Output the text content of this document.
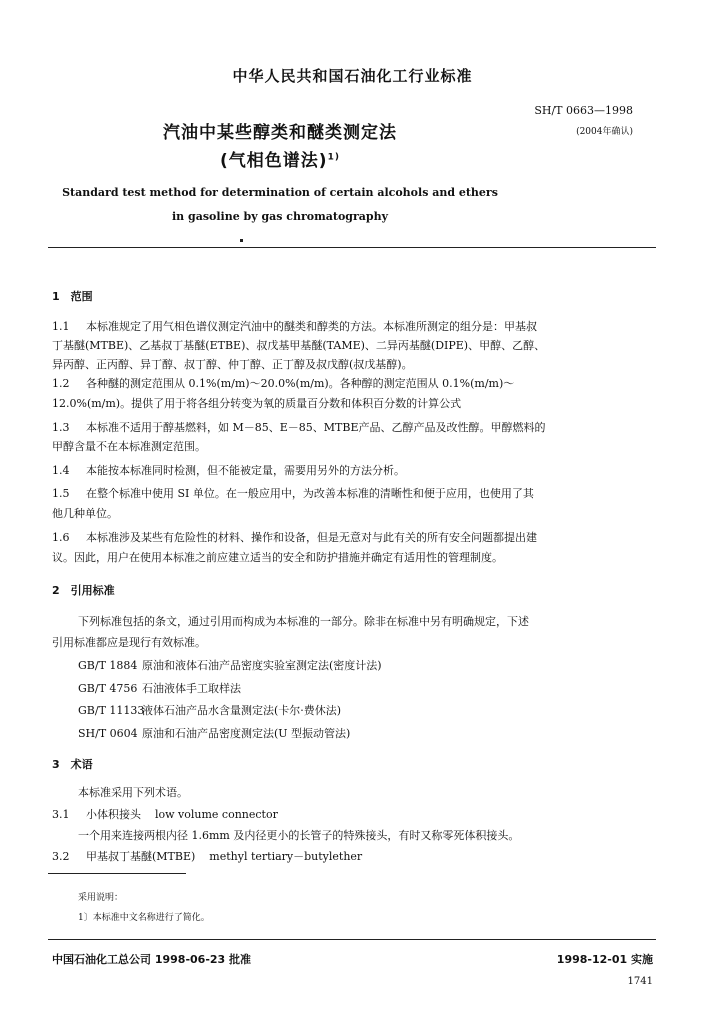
中华人民共和国石油化工行业标准
SH/T 0663—1998
(2004年确认)
汽油中某些醇类和醚类测定法
(气相色谱法)$^{1)}$
Standard test method for determination of certain alcohols and ethers
in gasoline by gas chromatography
1　范围
1.1 本标准规定了用气相色谱仪测定汽油中的醚类和醇类的方法。本标准所测定的组分是：甲基叔
丁基醚(MTBE)、乙基叔丁基醚(ETBE)、叔戊基甲基醚(TAME)、二异丙基醚(DIPE)、甲醇、乙醇、
异丙醇、正丙醇、异丁醇、叔丁醇、仲丁醇、正丁醇及叔戊醇(叔戊基醇)。
1.2 各种醚的测定范围从 0.1%(m/m)～20.0%(m/m)。各种醇的测定范围从 0.1%(m/m)～
12.0%(m/m)。提供了用于将各组分转变为氧的质量百分数和体积百分数的计算公式
1.3 本标准不适用于醇基燃料，如 M－85、E－85、MTBE产品、乙醇产品及改性醇。甲醇燃料的
甲醇含量不在本标准测定范围。
1.4 本能按本标准同时检测，但不能被定量，需要用另外的方法分析。
1.5 在整个标准中使用 SI 单位。在一般应用中，为改善本标准的清晰性和便于应用，也使用了其
他几种单位。
1.6 本标准涉及某些有危险性的材料、操作和设备，但是无意对与此有关的所有安全问题都提出建
议。因此，用户在使用本标准之前应建立适当的安全和防护措施并确定有适用性的管理制度。
2　引用标准
下列标准包括的条文，通过引用而构成为本标准的一部分。除非在标准中另有明确规定，下述
引用标准都应是现行有效标准。
GB/T 1884 原油和液体石油产品密度实验室测定法(密度计法)
GB/T 4756 石油液体手工取样法
GB/T 11133液体石油产品水含量测定法(卡尔·费休法)
SH/T 0604 原油和石油产品密度测定法(U 型振动管法)
3　术语
本标准采用下列术语。
3.1 小体积接头 low volume connector
一个用来连接两根内径 1.6mm 及内径更小的长管子的特殊接头，有时又称零死体积接头。
3.2 甲基叔丁基醚(MTBE) methyl tertiary－butylether
采用说明：
1〕本标准中文名称进行了简化。
中国石油化工总公司 1998-06-23 批准	1998-12-01 实施
1741
